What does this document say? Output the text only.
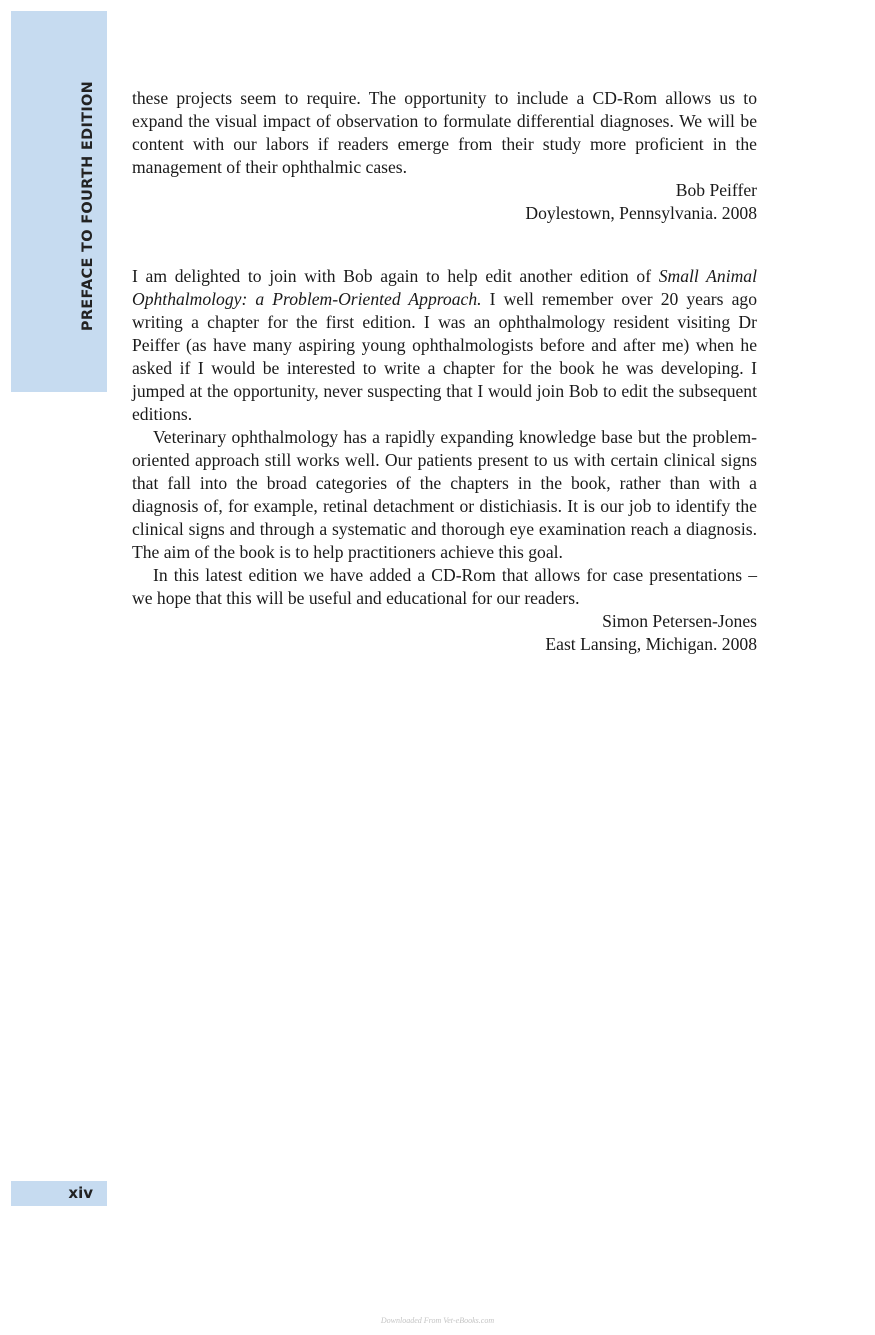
PREFACE TO FOURTH EDITION
xiv

these projects seem to require. The opportunity to include a CD-Rom allows us to expand the visual impact of observation to formulate differential diagnoses. We will be content with our labors if readers emerge from their study more proficient in the management of their ophthalmic cases.

Bob Peiffer
Doylestown, Pennsylvania. 2008

I am delighted to join with Bob again to help edit another edition of Small Animal Ophthalmology: a Problem-Oriented Approach. I well remember over 20 years ago writing a chapter for the first edition. I was an ophthalmology resident visiting Dr Peiffer (as have many aspiring young ophthalmologists before and after me) when he asked if I would be interested to write a chapter for the book he was developing. I jumped at the opportunity, never suspecting that I would join Bob to edit the subsequent editions.

Veterinary ophthalmology has a rapidly expanding knowledge base but the problem-oriented approach still works well. Our patients present to us with certain clinical signs that fall into the broad categories of the chapters in the book, rather than with a diagnosis of, for example, retinal detachment or distichiasis. It is our job to identify the clinical signs and through a systematic and thorough eye examination reach a diagnosis. The aim of the book is to help practitioners achieve this goal.

In this latest edition we have added a CD-Rom that allows for case presentations – we hope that this will be useful and educational for our readers.

Simon Petersen-Jones
East Lansing, Michigan. 2008
Downloaded From Vet-eBooks.com
